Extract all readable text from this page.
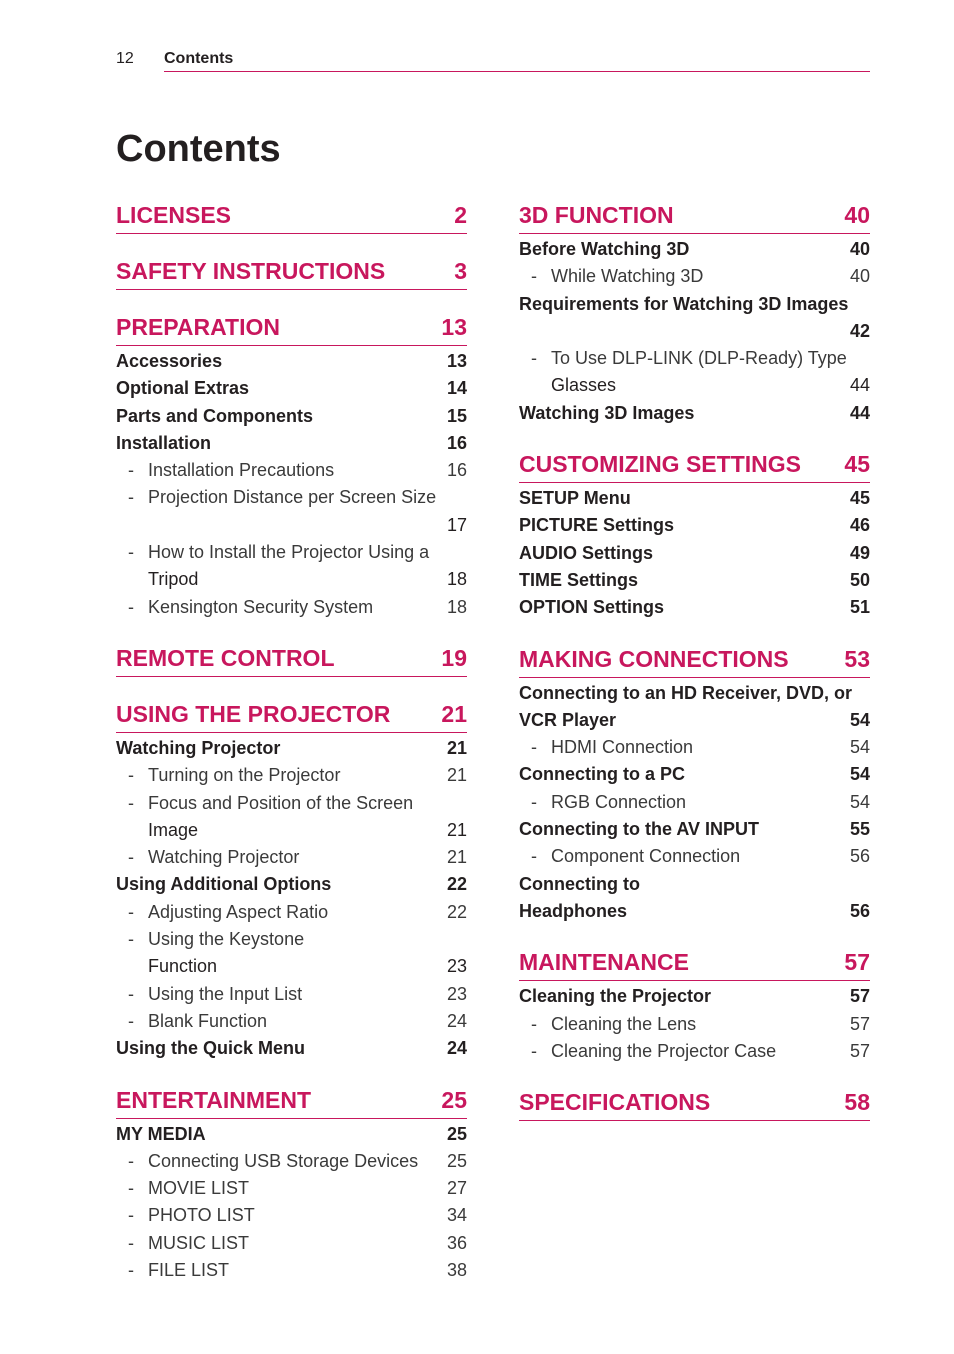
12 Contents
Contents
LICENSES	2
SAFETY INSTRUCTIONS	3
PREPARATION	13
Accessories	13
Optional Extras	14
Parts and Components	15
Installation	16
- Installation Precautions	16
- Projection Distance per Screen Size
17
- How to Install the Projector Using a
Tripod	18
- Kensington Security System	18
REMOTE CONTROL	19
USING THE PROJECTOR 21
Watching Projector	21
- Turning on the Projector	21
- Focus and Position of the Screen
Image	21
- Watching Projector	21
Using Additional Options	22
- Adjusting Aspect Ratio	22
- Using the Keystone
Function	23
- Using the Input List	23
- Blank Function	24
Using the Quick Menu	24
ENTERTAINMENT	25
MY MEDIA	25
- Connecting USB Storage Devices	25
- MOVIE LIST	27
- PHOTO LIST	34
- MUSIC LIST	36
- FILE LIST	38
3D FUNCTION	40
Before Watching 3D	40
- While Watching 3D	40
Requirements for Watching 3D Images
42
- To Use DLP-LINK (DLP-Ready) Type
Glasses	44
Watching 3D Images	44
CUSTOMIZING SETTINGS 45
SETUP Menu	45
PICTURE Settings	46
AUDIO Settings	49
TIME Settings	50
OPTION Settings	51
MAKING CONNECTIONS 53
Connecting to an HD Receiver, DVD, or
VCR Player	54
- HDMI Connection	54
Connecting to a PC	54
- RGB Connection	54
Connecting to the AV INPUT	55
- Component Connection	56
Connecting to
Headphones	56
MAINTENANCE	57
Cleaning the Projector	57
- Cleaning the Lens	57
- Cleaning the Projector Case	57
SPECIFICATIONS	58
